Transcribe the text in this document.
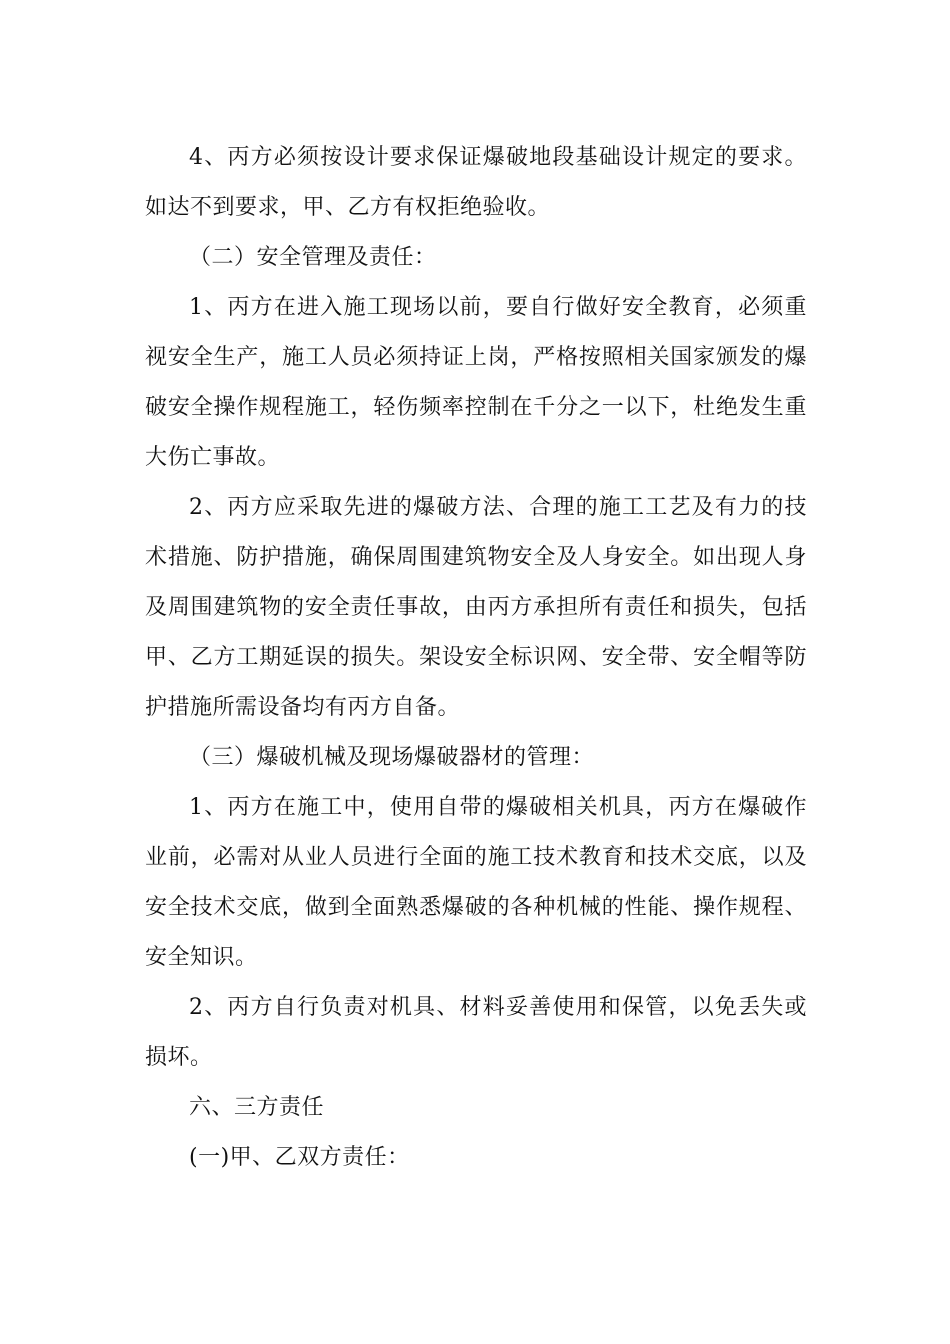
4、丙方必须按设计要求保证爆破地段基础设计规定的要求。如达不到要求，甲、乙方有权拒绝验收。

（二）安全管理及责任：

1、丙方在进入施工现场以前，要自行做好安全教育，必须重视安全生产，施工人员必须持证上岗，严格按照相关国家颁发的爆破安全操作规程施工，轻伤频率控制在千分之一以下，杜绝发生重大伤亡事故。

2、丙方应采取先进的爆破方法、合理的施工工艺及有力的技术措施、防护措施，确保周围建筑物安全及人身安全。如出现人身及周围建筑物的安全责任事故，由丙方承担所有责任和损失，包括甲、乙方工期延误的损失。架设安全标识网、安全带、安全帽等防护措施所需设备均有丙方自备。

（三）爆破机械及现场爆破器材的管理：

1、丙方在施工中，使用自带的爆破相关机具，丙方在爆破作业前，必需对从业人员进行全面的施工技术教育和技术交底，以及安全技术交底，做到全面熟悉爆破的各种机械的性能、操作规程、安全知识。

2、丙方自行负责对机具、材料妥善使用和保管，以免丢失或损坏。

六、三方责任

(一)甲、乙双方责任：
